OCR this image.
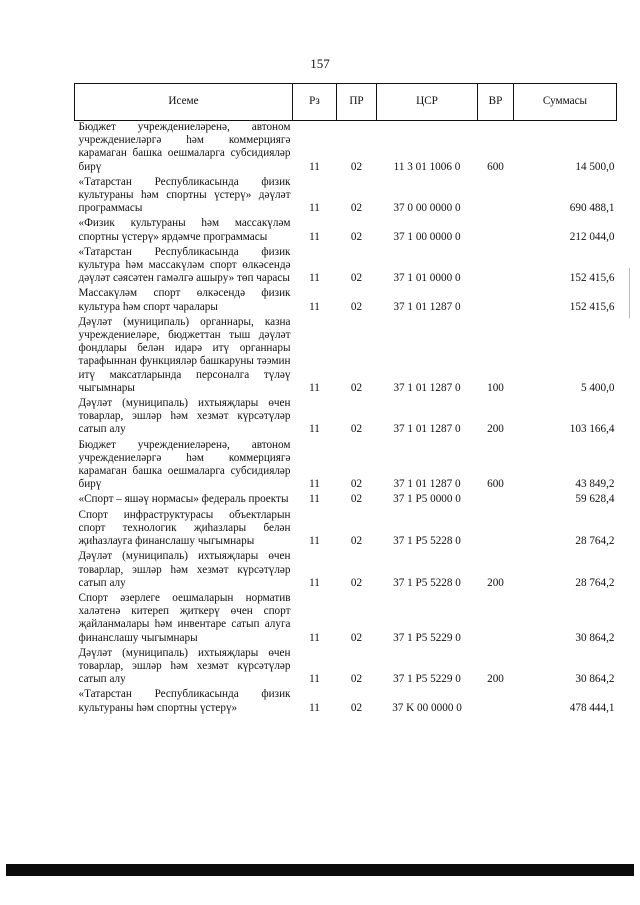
157
Исеме	Рз	ПР	ЦСР	ВР	Суммасы
Бюджет учреждениеләренә, автоном учреждениеләргә һәм коммерциягә карамаган башка оешмаларга субсидияләр бирү	11	02	11 3 01 1006 0	600	14 500,0
«Татарстан Республикасында физик культураны һәм спортны үстерү» дәүләт программасы	11	02	37 0 00 0000 0		690 488,1
«Физик культураны һәм массакүләм спортны үстерү» ярдәмче программасы	11	02	37 1 00 0000 0		212 044,0
«Татарстан Республикасында физик культура һәм массакүләм спорт өлкәсендә дәүләт сәясәтен гамәлгә ашыру» төп чарасы	11	02	37 1 01 0000 0		152 415,6
Массакүләм спорт өлкәсендә физик культура һәм спорт чаралары	11	02	37 1 01 1287 0		152 415,6
Дәүләт (муниципаль) органнары, казна учреждениеләре, бюджеттан тыш дәүләт фондлары белән идарә итү органнары тарафыннан функцияләр башкаруны тәэмин итү максатларында персоналга түләү чыгымнары	11	02	37 1 01 1287 0	100	5 400,0
Дәүләт (муниципаль) ихтыяҗлары өчен товарлар, эшләр һәм хезмәт күрсәтүләр сатып алу	11	02	37 1 01 1287 0	200	103 166,4
Бюджет учреждениеләренә, автоном учреждениеләргә һәм коммерциягә карамаган башка оешмаларга субсидияләр бирү	11	02	37 1 01 1287 0	600	43 849,2
«Спорт – яшәү нормасы» федераль проекты	11	02	37 1 P5 0000 0		59 628,4
Спорт инфраструктурасы объектларын спорт технологик җиһазлары белән җиһазлауга финанслашу чыгымнары	11	02	37 1 P5 5228 0		28 764,2
Дәүләт (муниципаль) ихтыяҗлары өчен товарлар, эшләр һәм хезмәт күрсәтүләр сатып алу	11	02	37 1 P5 5228 0	200	28 764,2
Спорт әзерлеге оешмаларын норматив халәтенә китереп җиткерү өчен спорт җайланмалары һәм инвентаре сатып алуга финанслашу чыгымнары	11	02	37 1 P5 5229 0		30 864,2
Дәүләт (муниципаль) ихтыяҗлары өчен товарлар, эшләр һәм хезмәт күрсәтүләр сатып алу	11	02	37 1 P5 5229 0	200	30 864,2
«Татарстан Республикасында физик культураны һәм спортны үстерү»	11	02	37 K 00 0000 0		478 444,1
